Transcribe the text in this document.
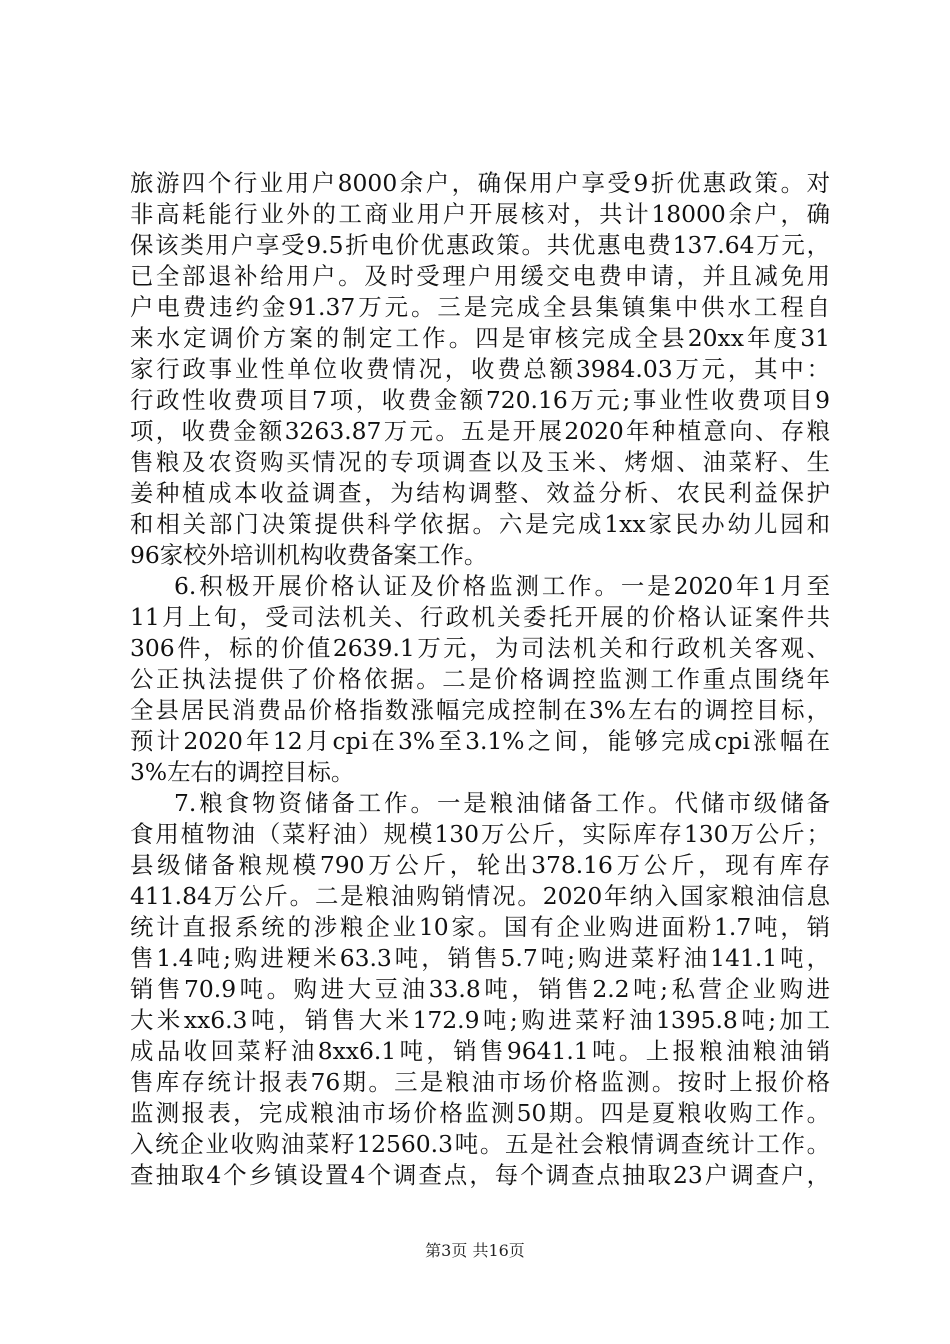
旅游四个行业用户8000余户，确保用户享受9折优惠政策。对
非高耗能行业外的工商业用户开展核对，共计18000余户，确
保该类用户享受9.5折电价优惠政策。共优惠电费137.64万元，
已全部退补给用户。及时受理户用缓交电费申请，并且减免用
户电费违约金91.37万元。三是完成全县集镇集中供水工程自
来水定调价方案的制定工作。四是审核完成全县20xx年度31
家行政事业性单位收费情况，收费总额3984.03万元，其中：
行政性收费项目7项，收费金额720.16万元;事业性收费项目9
项，收费金额3263.87万元。五是开展2020年种植意向、存粮
售粮及农资购买情况的专项调查以及玉米、烤烟、油菜籽、生
姜种植成本收益调查，为结构调整、效益分析、农民利益保护
和相关部门决策提供科学依据。六是完成1xx家民办幼儿园和
96家校外培训机构收费备案工作。
6.积极开展价格认证及价格监测工作。一是2020年1月至
11月上旬，受司法机关、行政机关委托开展的价格认证案件共
306件，标的价值2639.1万元，为司法机关和行政机关客观、
公正执法提供了价格依据。二是价格调控监测工作重点围绕年
全县居民消费品价格指数涨幅完成控制在3%左右的调控目标，
预计2020年12月cpi在3%至3.1%之间，能够完成cpi涨幅在
3%左右的调控目标。
7.粮食物资储备工作。一是粮油储备工作。代储市级储备
食用植物油（菜籽油）规模130万公斤，实际库存130万公斤；
县级储备粮规模790万公斤，轮出378.16万公斤，现有库存
411.84万公斤。二是粮油购销情况。2020年纳入国家粮油信息
统计直报系统的涉粮企业10家。国有企业购进面粉1.7吨，销
售1.4吨;购进粳米63.3吨，销售5.7吨;购进菜籽油141.1吨，
销售70.9吨。购进大豆油33.8吨，销售2.2吨;私营企业购进
大米xx6.3吨，销售大米172.9吨;购进菜籽油1395.8吨;加工
成品收回菜籽油8xx6.1吨，销售9641.1吨。上报粮油粮油销
售库存统计报表76期。三是粮油市场价格监测。按时上报价格
监测报表，完成粮油市场价格监测50期。四是夏粮收购工作。
入统企业收购油菜籽12560.3吨。五是社会粮情调查统计工作。
查抽取4个乡镇设置4个调查点，每个调查点抽取23户调查户，
第3页 共16页
